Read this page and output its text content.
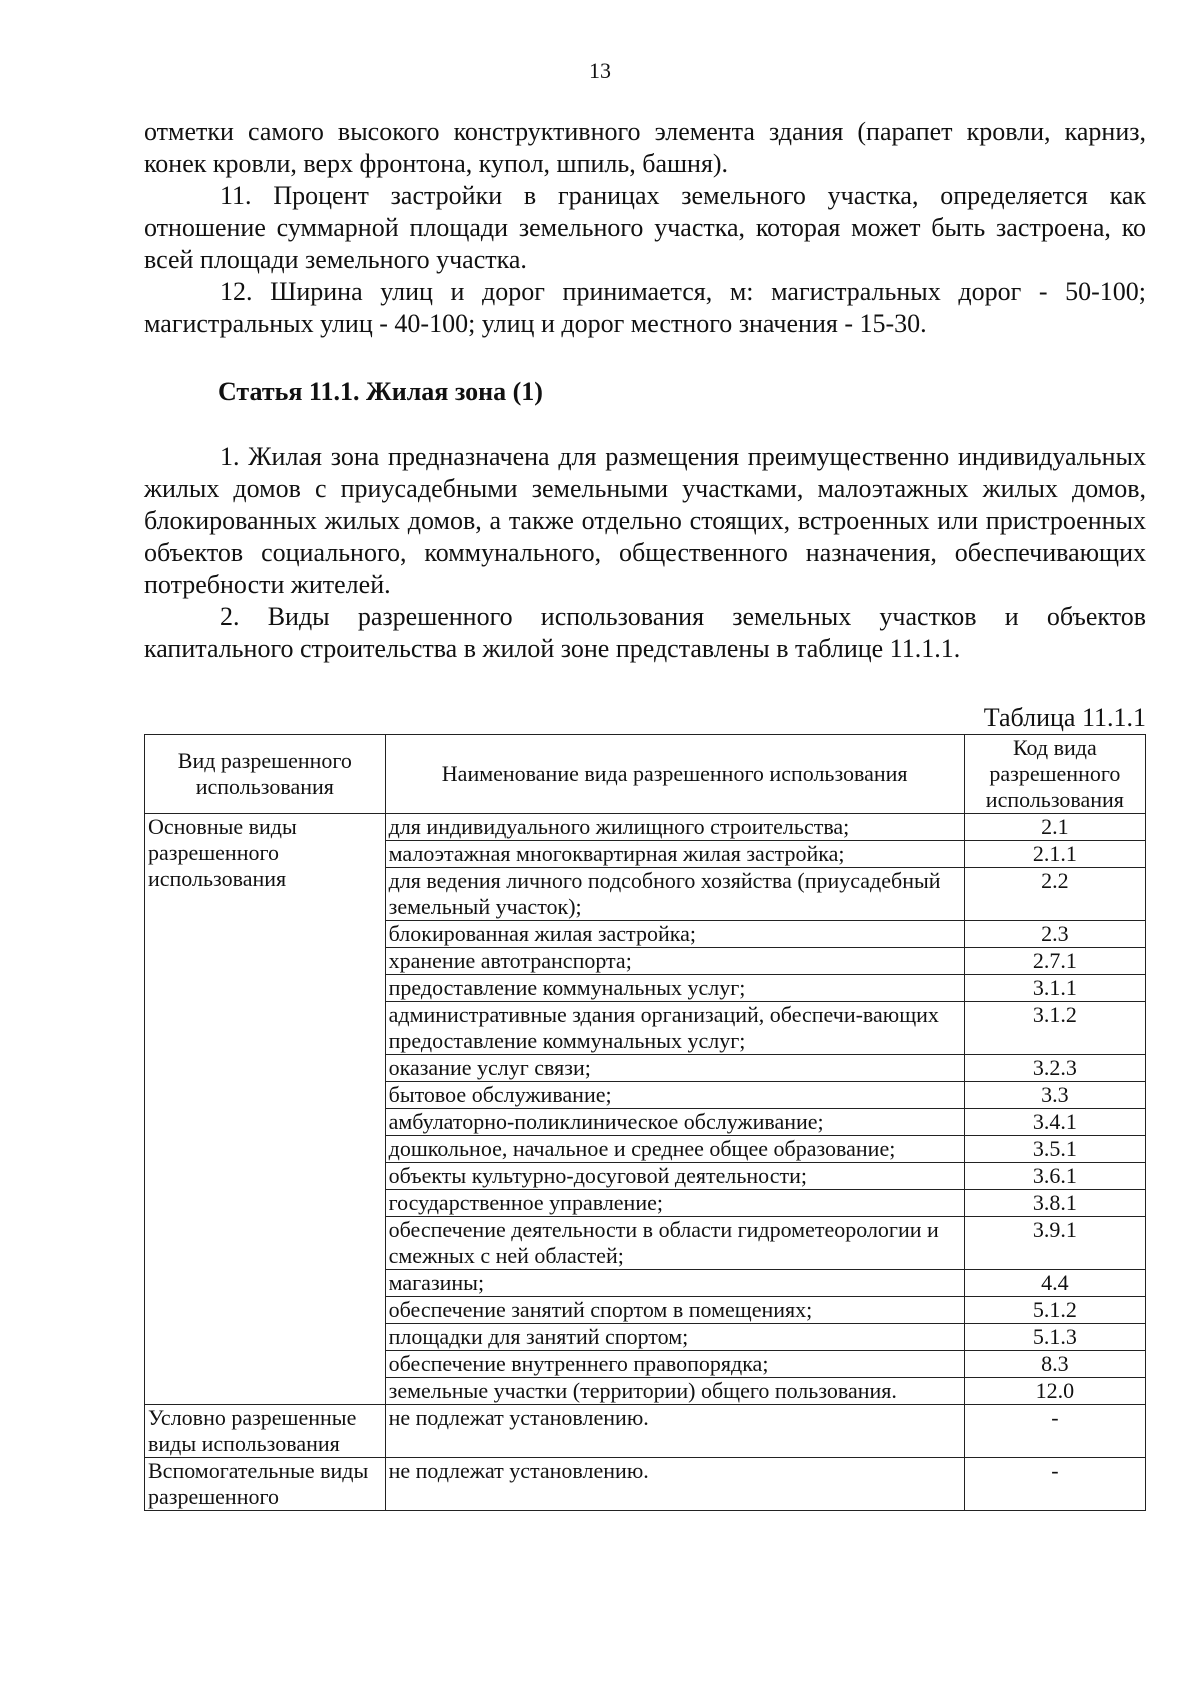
13

отметки самого высокого конструктивного элемента здания (парапет кровли, карниз, конек кровли, верх фронтона, купол, шпиль, башня).

11. Процент застройки в границах земельного участка, определяется как отношение суммарной площади земельного участка, которая может быть застроена, ко всей площади земельного участка.

12. Ширина улиц и дорог принимается, м: магистральных дорог - 50-100; магистральных улиц - 40-100; улиц и дорог местного значения - 15-30.

Статья 11.1. Жилая зона (1)

1. Жилая зона предназначена для размещения преимущественно индивидуальных жилых домов с приусадебными земельными участками, малоэтажных жилых домов, блокированных жилых домов, а также отдельно стоящих, встроенных или пристроенных объектов социального, коммунального, общественного назначения, обеспечивающих потребности жителей.

2. Виды разрешенного использования земельных участков и объектов капитального строительства в жилой зоне представлены в таблице 11.1.1.

Таблица 11.1.1
Вид разрешенного использования	Наименование вида разрешенного использования	Код вида разрешенного использования
Основные виды разрешенного использования	для индивидуального жилищного строительства;	2.1
	малоэтажная многоквартирная жилая застройка;	2.1.1
	для ведения личного подсобного хозяйства (приусадебный земельный участок);	2.2
	блокированная жилая застройка;	2.3
	хранение автотранспорта;	2.7.1
	предоставление коммунальных услуг;	3.1.1
	административные здания организаций, обеспечи-вающих предоставление коммунальных услуг;	3.1.2
	оказание услуг связи;	3.2.3
	бытовое обслуживание;	3.3
	амбулаторно-поликлиническое обслуживание;	3.4.1
	дошкольное, начальное и среднее общее образование;	3.5.1
	объекты культурно-досуговой деятельности;	3.6.1
	государственное управление;	3.8.1
	обеспечение деятельности в области гидрометеорологии и смежных с ней областей;	3.9.1
	магазины;	4.4
	обеспечение занятий спортом в помещениях;	5.1.2
	площадки для занятий спортом;	5.1.3
	обеспечение внутреннего правопорядка;	8.3
	земельные участки (территории) общего пользования.	12.0
Условно разрешенные виды использования	не подлежат установлению.	-
Вспомогательные виды разрешенного	не подлежат установлению.	-
